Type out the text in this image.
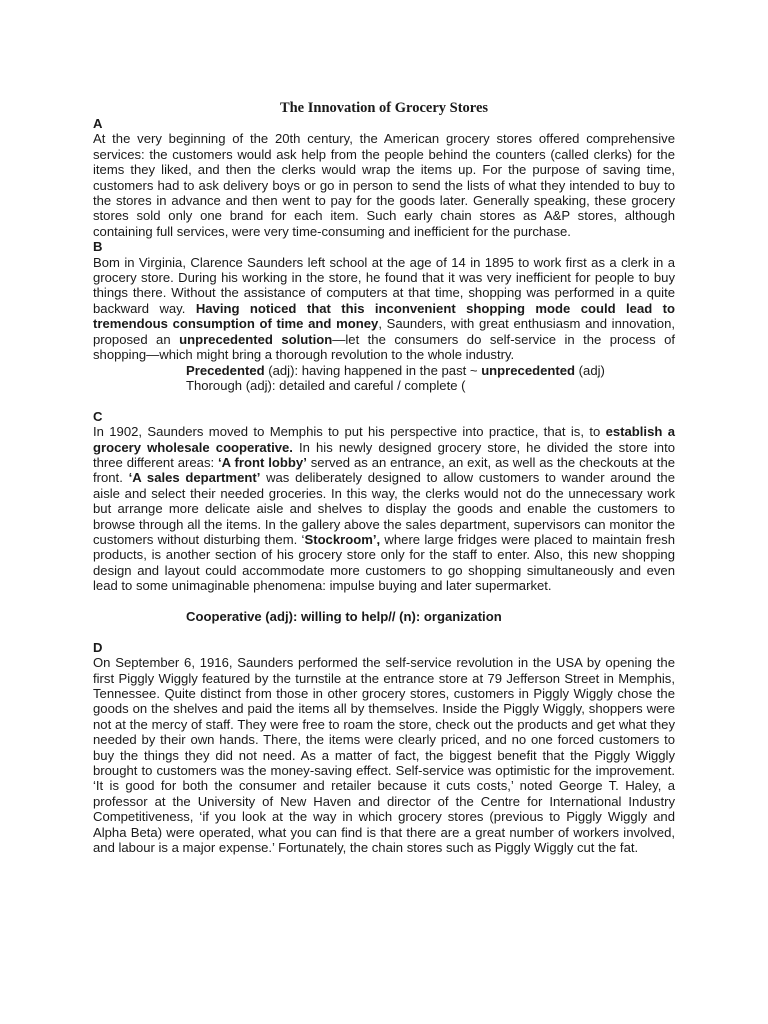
The Innovation of Grocery Stores

A

At the very beginning of the 20th century, the American grocery stores offered comprehensive services: the customers would ask help from the people behind the counters (called clerks) for the items they liked, and then the clerks would wrap the items up. For the purpose of saving time, customers had to ask delivery boys or go in person to send the lists of what they intended to buy to the stores in advance and then went to pay for the goods later. Generally speaking, these grocery stores sold only one brand for each item. Such early chain stores as A&P stores, although containing full services, were very time-consuming and inefficient for the purchase.

B

Bom in Virginia, Clarence Saunders left school at the age of 14 in 1895 to work first as a clerk in a grocery store. During his working in the store, he found that it was very inefficient for people to buy things there. Without the assistance of computers at that time, shopping was performed in a quite backward way. Having noticed that this inconvenient shopping mode could lead to tremendous consumption of time and money, Saunders, with great enthusiasm and innovation, proposed an unprecedented solution—let the consumers do self-service in the process of shopping—which might bring a thorough revolution to the whole industry.

Precedented (adj): having happened in the past ~ unprecedented (adj)

Thorough (adj): detailed and careful / complete (

C

In 1902, Saunders moved to Memphis to put his perspective into practice, that is, to establish a grocery wholesale cooperative. In his newly designed grocery store, he divided the store into three different areas: ‘A front lobby’ served as an entrance, an exit, as well as the checkouts at the front. ‘A sales department’ was deliberately designed to allow customers to wander around the aisle and select their needed groceries. In this way, the clerks would not do the unnecessary work but arrange more delicate aisle and shelves to display the goods and enable the customers to browse through all the items. In the gallery above the sales department, supervisors can monitor the customers without disturbing them. ‘Stockroom’, where large fridges were placed to maintain fresh products, is another section of his grocery store only for the staff to enter. Also, this new shopping design and layout could accommodate more customers to go shopping simultaneously and even lead to some unimaginable phenomena: impulse buying and later supermarket.

Cooperative (adj): willing to help// (n): organization

D

On September 6, 1916, Saunders performed the self-service revolution in the USA by opening the first Piggly Wiggly featured by the turnstile at the entrance store at 79 Jefferson Street in Memphis, Tennessee. Quite distinct from those in other grocery stores, customers in Piggly Wiggly chose the goods on the shelves and paid the items all by themselves. Inside the Piggly Wiggly, shoppers were not at the mercy of staff. They were free to roam the store, check out the products and get what they needed by their own hands. There, the items were clearly priced, and no one forced customers to buy the things they did not need. As a matter of fact, the biggest benefit that the Piggly Wiggly brought to customers was the money-saving effect. Self-service was optimistic for the improvement. ‘It is good for both the consumer and retailer because it cuts costs,’ noted George T. Haley, a professor at the University of New Haven and director of the Centre for International Industry Competitiveness, ‘if you look at the way in which grocery stores (previous to Piggly Wiggly and Alpha Beta) were operated, what you can find is that there are a great number of workers involved, and labour is a major expense.’ Fortunately, the chain stores such as Piggly Wiggly cut the fat.
